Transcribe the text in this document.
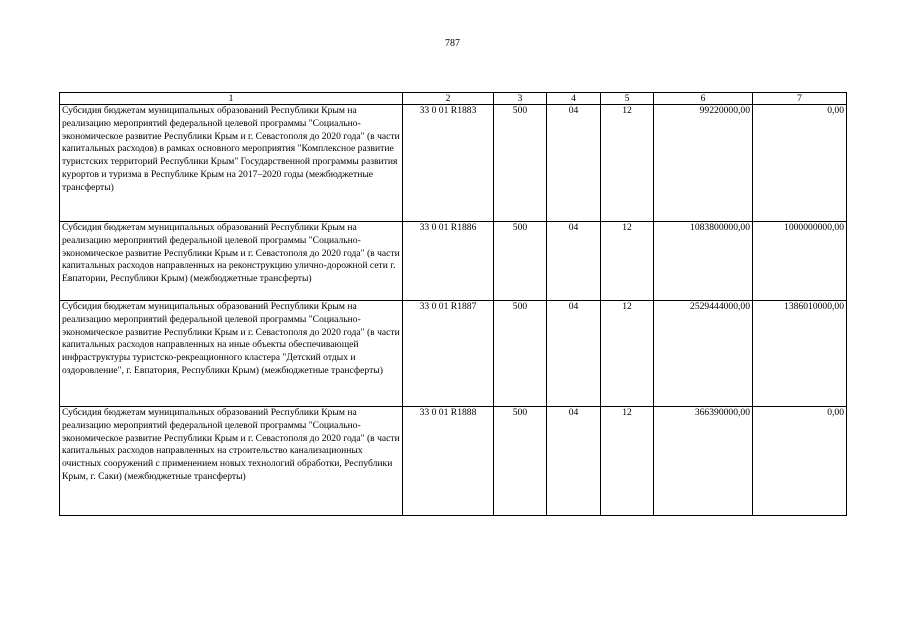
787
1	2	3	4	5	6	7
Субсидия бюджетам муниципальных образований Республики Крым на реализацию мероприятий федеральной целевой программы "Социально-экономическое развитие Республики Крым и г. Севастополя до 2020 года" (в части капитальных расходов) в рамках основного мероприятия "Комплексное развитие туристских территорий Республики Крым" Государственной программы развития курортов и туризма в Республике Крым на 2017–2020 годы (межбюджетные трансферты)	33 0 01 R1883	500	04	12	99220000,00	0,00
Субсидия бюджетам муниципальных образований Республики Крым на реализацию мероприятий федеральной целевой программы "Социально-экономическое развитие Республики Крым и г. Севастополя до 2020 года" (в части капитальных расходов направленных на реконструкцию улично-дорожной сети г. Евпатории, Республики Крым) (межбюджетные трансферты)	33 0 01 R1886	500	04	12	1083800000,00	1000000000,00
Субсидия бюджетам муниципальных образований Республики Крым на реализацию мероприятий федеральной целевой программы "Социально-экономическое развитие Республики Крым и г. Севастополя до 2020 года" (в части капитальных расходов направленных на иные объекты обеспечивающей инфраструктуры туристско-рекреационного кластера "Детский отдых и оздоровление", г. Евпатория, Республики Крым) (межбюджетные трансферты)	33 0 01 R1887	500	04	12	2529444000,00	1386010000,00
Субсидия бюджетам муниципальных образований Республики Крым на реализацию мероприятий федеральной целевой программы "Социально-экономическое развитие Республики Крым и г. Севастополя до 2020 года" (в части капитальных расходов направленных на строительство канализационных очистных сооружений с применением новых технологий обработки, Республики Крым, г. Саки) (межбюджетные трансферты)	33 0 01 R1888	500	04	12	366390000,00	0,00
